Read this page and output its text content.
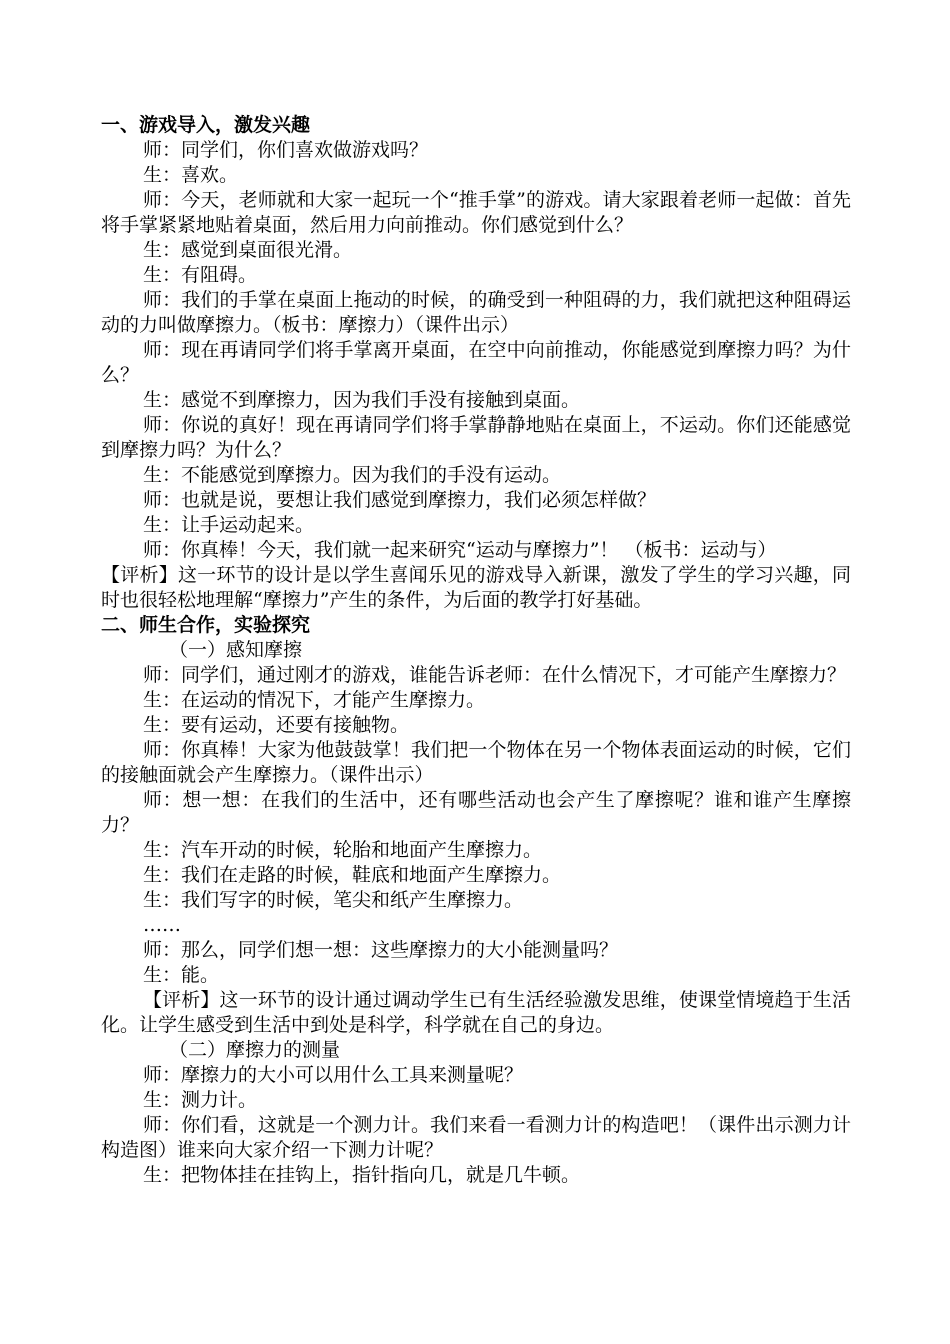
一、游戏导入，激发兴趣
师：同学们，你们喜欢做游戏吗？
生：喜欢。
师：今天，老师就和大家一起玩一个“推手掌”的游戏。请大家跟着老师一起做：首先将手掌紧紧地贴着桌面，然后用力向前推动。你们感觉到什么？
生：感觉到桌面很光滑。
生：有阻碍。
师：我们的手掌在桌面上拖动的时候，的确受到一种阻碍的力，我们就把这种阻碍运动的力叫做摩擦力。（板书：摩擦力）（课件出示）
师：现在再请同学们将手掌离开桌面，在空中向前推动，你能感觉到摩擦力吗？为什么？
生：感觉不到摩擦力，因为我们手没有接触到桌面。
师：你说的真好！现在再请同学们将手掌静静地贴在桌面上，不运动。你们还能感觉到摩擦力吗？为什么？
生：不能感觉到摩擦力。因为我们的手没有运动。
师：也就是说，要想让我们感觉到摩擦力，我们必须怎样做？
生：让手运动起来。
师：你真棒！今天，我们就一起来研究“运动与摩擦力”！ （板书：运动与）
【评析】这一环节的设计是以学生喜闻乐见的游戏导入新课，激发了学生的学习兴趣，同时也很轻松地理解“摩擦力”产生的条件，为后面的教学打好基础。
二、师生合作，实验探究
（一）感知摩擦
师：同学们，通过刚才的游戏，谁能告诉老师：在什么情况下，才可能产生摩擦力？
生：在运动的情况下，才能产生摩擦力。
生：要有运动，还要有接触物。
师：你真棒！大家为他鼓鼓掌！我们把一个物体在另一个物体表面运动的时候，它们的接触面就会产生摩擦力。（课件出示）
师：想一想：在我们的生活中，还有哪些活动也会产生了摩擦呢？谁和谁产生摩擦力？
生：汽车开动的时候，轮胎和地面产生摩擦力。
生：我们在走路的时候，鞋底和地面产生摩擦力。
生：我们写字的时候，笔尖和纸产生摩擦力。
……
师：那么，同学们想一想：这些摩擦力的大小能测量吗？
生：能。
【评析】这一环节的设计通过调动学生已有生活经验激发思维，使课堂情境趋于生活化。让学生感受到生活中到处是科学，科学就在自己的身边。
（二）摩擦力的测量
师：摩擦力的大小可以用什么工具来测量呢？
生：测力计。
师：你们看，这就是一个测力计。我们来看一看测力计的构造吧！（课件出示测力计构造图）谁来向大家介绍一下测力计呢？
生：把物体挂在挂钩上，指针指向几，就是几牛顿。
